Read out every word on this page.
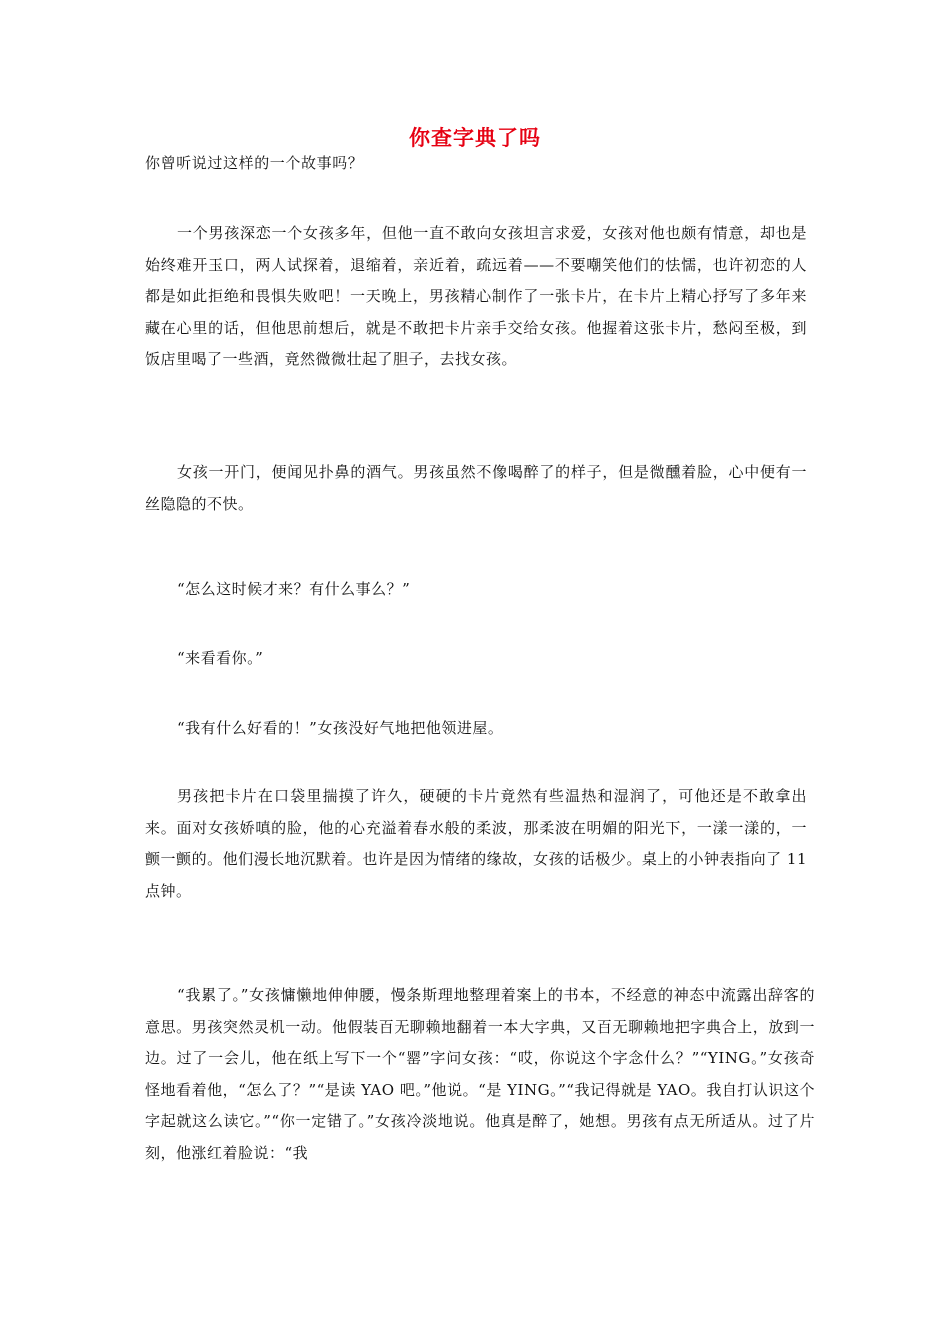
你查字典了吗
你曾听说过这样的一个故事吗？

一个男孩深恋一个女孩多年，但他一直不敢向女孩坦言求爱，女孩对他也颇有情意，却也是始终难开玉口，两人试探着，退缩着，亲近着，疏远着——不要嘲笑他们的怯懦，也许初恋的人都是如此拒绝和畏惧失败吧！一天晚上，男孩精心制作了一张卡片，在卡片上精心抒写了多年来藏在心里的话，但他思前想后，就是不敢把卡片亲手交给女孩。他握着这张卡片，愁闷至极，到饭店里喝了一些酒，竟然微微壮起了胆子，去找女孩。

女孩一开门，便闻见扑鼻的酒气。男孩虽然不像喝醉了的样子，但是微醺着脸，心中便有一丝隐隐的不快。

“怎么这时候才来？有什么事么？”

“来看看你。”

“我有什么好看的！”女孩没好气地把他领进屋。

男孩把卡片在口袋里揣摸了许久，硬硬的卡片竟然有些温热和湿润了，可他还是不敢拿出来。面对女孩娇嗔的脸，他的心充溢着春水般的柔波，那柔波在明媚的阳光下，一漾一漾的，一颤一颤的。他们漫长地沉默着。也许是因为情绪的缘故，女孩的话极少。桌上的小钟表指向了 11 点钟。

“我累了。”女孩慵懒地伸伸腰，慢条斯理地整理着案上的书本，不经意的神态中流露出辞客的意思。男孩突然灵机一动。他假装百无聊赖地翻着一本大字典，又百无聊赖地把字典合上，放到一边。过了一会儿，他在纸上写下一个“罂”字问女孩：“哎，你说这个字念什么？”“YING。”女孩奇怪地看着他，“怎么了？”“是读 YAO 吧。”他说。“是 YING。”“我记得就是 YAO。我自打认识这个字起就这么读它。”“你一定错了。”女孩冷淡地说。他真是醉了，她想。男孩有点无所适从。过了片刻，他涨红着脸说：“我
